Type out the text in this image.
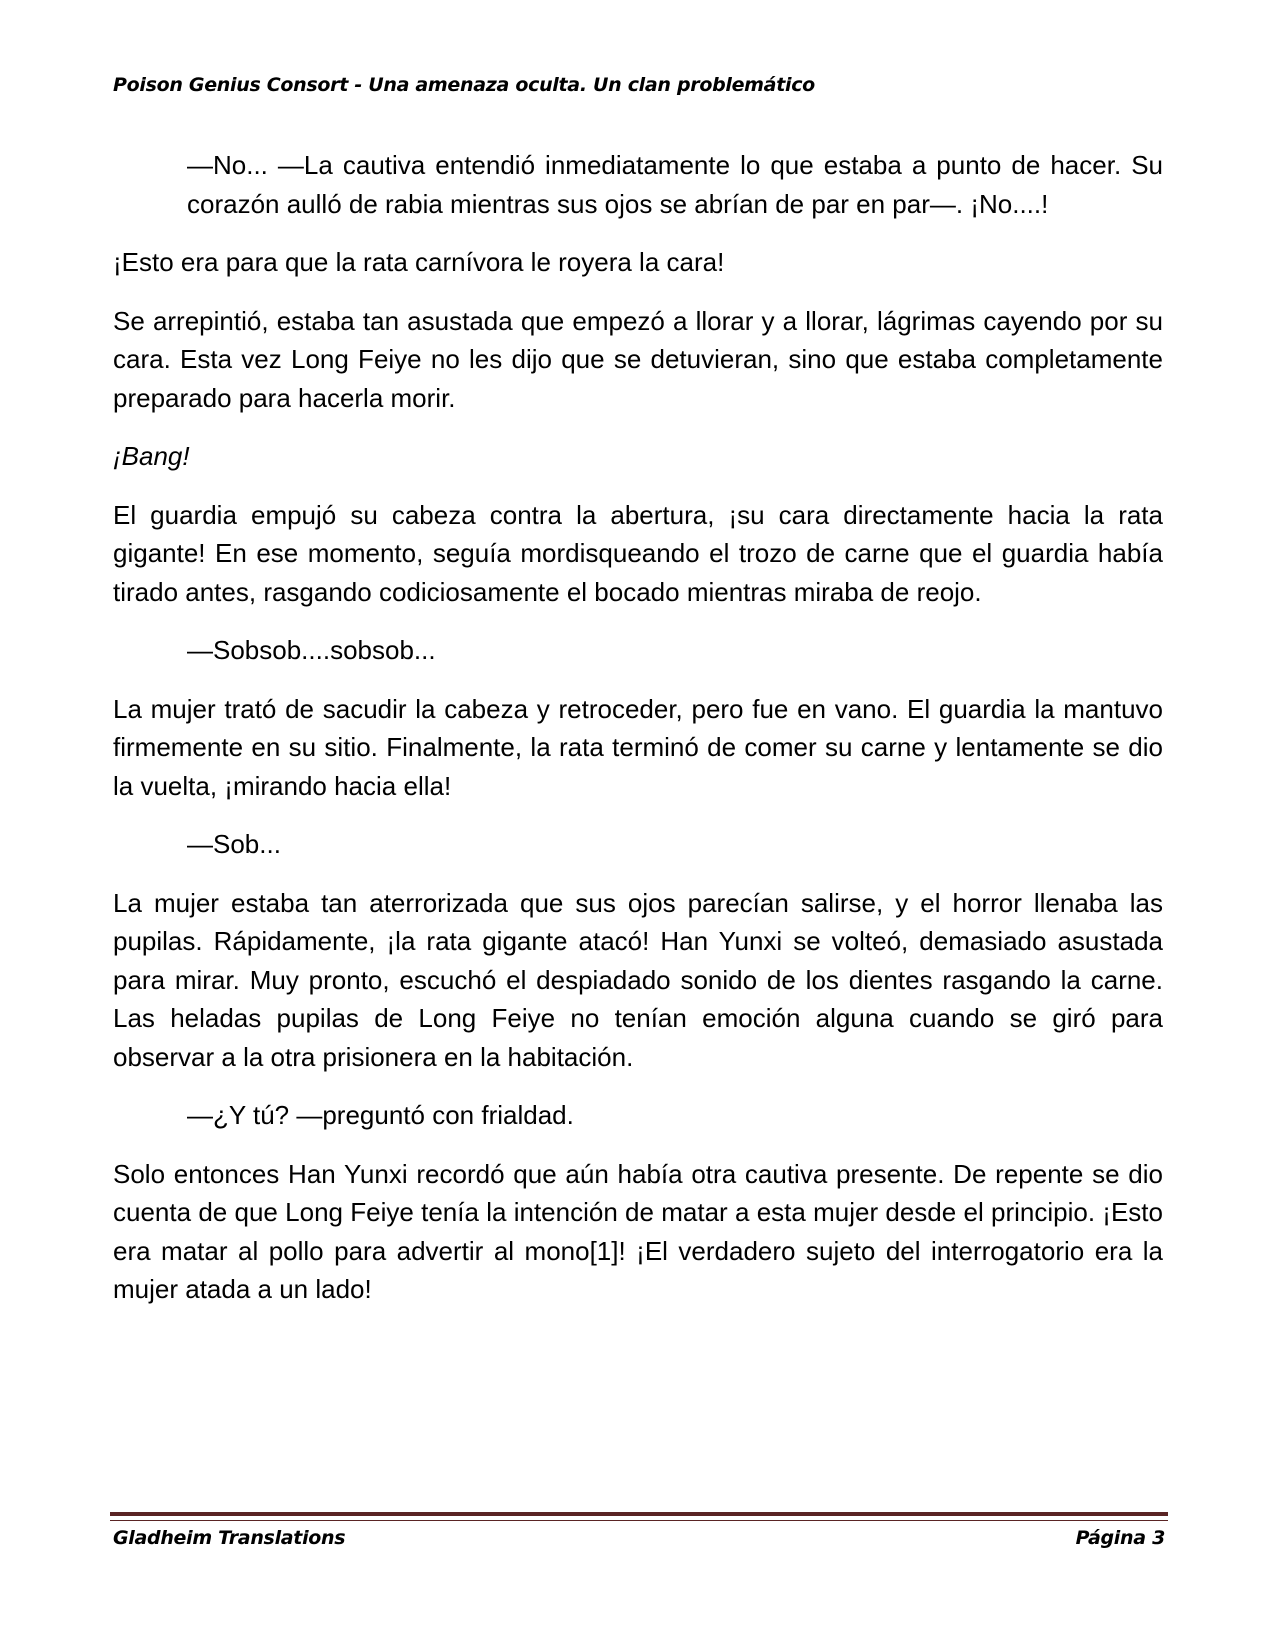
Poison Genius Consort - Una amenaza oculta. Un clan problemático

—No... —La cautiva entendió inmediatamente lo que estaba a punto de hacer. Su corazón aulló de rabia mientras sus ojos se abrían de par en par—. ¡No....!

¡Esto era para que la rata carnívora le royera la cara!

Se arrepintió, estaba tan asustada que empezó a llorar y a llorar, lágrimas cayendo por su cara. Esta vez Long Feiye no les dijo que se detuvieran, sino que estaba completamente preparado para hacerla morir.

¡Bang!

El guardia empujó su cabeza contra la abertura, ¡su cara directamente hacia la rata gigante! En ese momento, seguía mordisqueando el trozo de carne que el guardia había tirado antes, rasgando codiciosamente el bocado mientras miraba de reojo.

—Sobsob....sobsob...

La mujer trató de sacudir la cabeza y retroceder, pero fue en vano. El guardia la mantuvo firmemente en su sitio. Finalmente, la rata terminó de comer su carne y lentamente se dio la vuelta, ¡mirando hacia ella!

—Sob...

La mujer estaba tan aterrorizada que sus ojos parecían salirse, y el horror llenaba las pupilas. Rápidamente, ¡la rata gigante atacó! Han Yunxi se volteó, demasiado asustada para mirar. Muy pronto, escuchó el despiadado sonido de los dientes rasgando la carne. Las heladas pupilas de Long Feiye no tenían emoción alguna cuando se giró para observar a la otra prisionera en la habitación.

—¿Y tú? —preguntó con frialdad.

Solo entonces Han Yunxi recordó que aún había otra cautiva presente. De repente se dio cuenta de que Long Feiye tenía la intención de matar a esta mujer desde el principio. ¡Esto era matar al pollo para advertir al mono[1]! ¡El verdadero sujeto del interrogatorio era la mujer atada a un lado!

Gladheim Translations	Página 3
